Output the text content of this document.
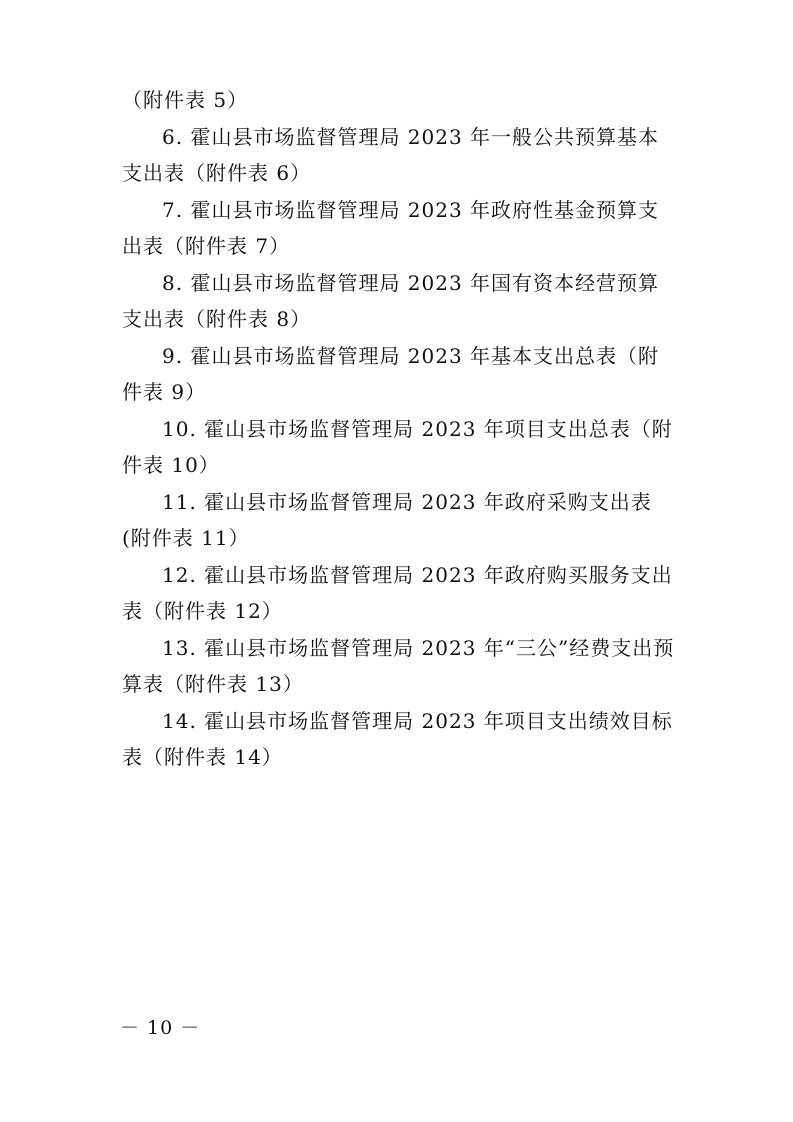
（附件表 5）

6. 霍山县市场监督管理局 2023 年一般公共预算基本支出表（附件表 6）

7. 霍山县市场监督管理局 2023 年政府性基金预算支出表（附件表 7）

8. 霍山县市场监督管理局 2023 年国有资本经营预算支出表（附件表 8）

9. 霍山县市场监督管理局 2023 年基本支出总表（附件表 9）

10. 霍山县市场监督管理局 2023 年项目支出总表（附件表 10）

11. 霍山县市场监督管理局 2023 年政府采购支出表(附件表 11）

12. 霍山县市场监督管理局 2023 年政府购买服务支出表（附件表 12）

13. 霍山县市场监督管理局 2023 年“三公”经费支出预算表（附件表 13）

14. 霍山县市场监督管理局 2023 年项目支出绩效目标表（附件表 14）

－ 10 －
